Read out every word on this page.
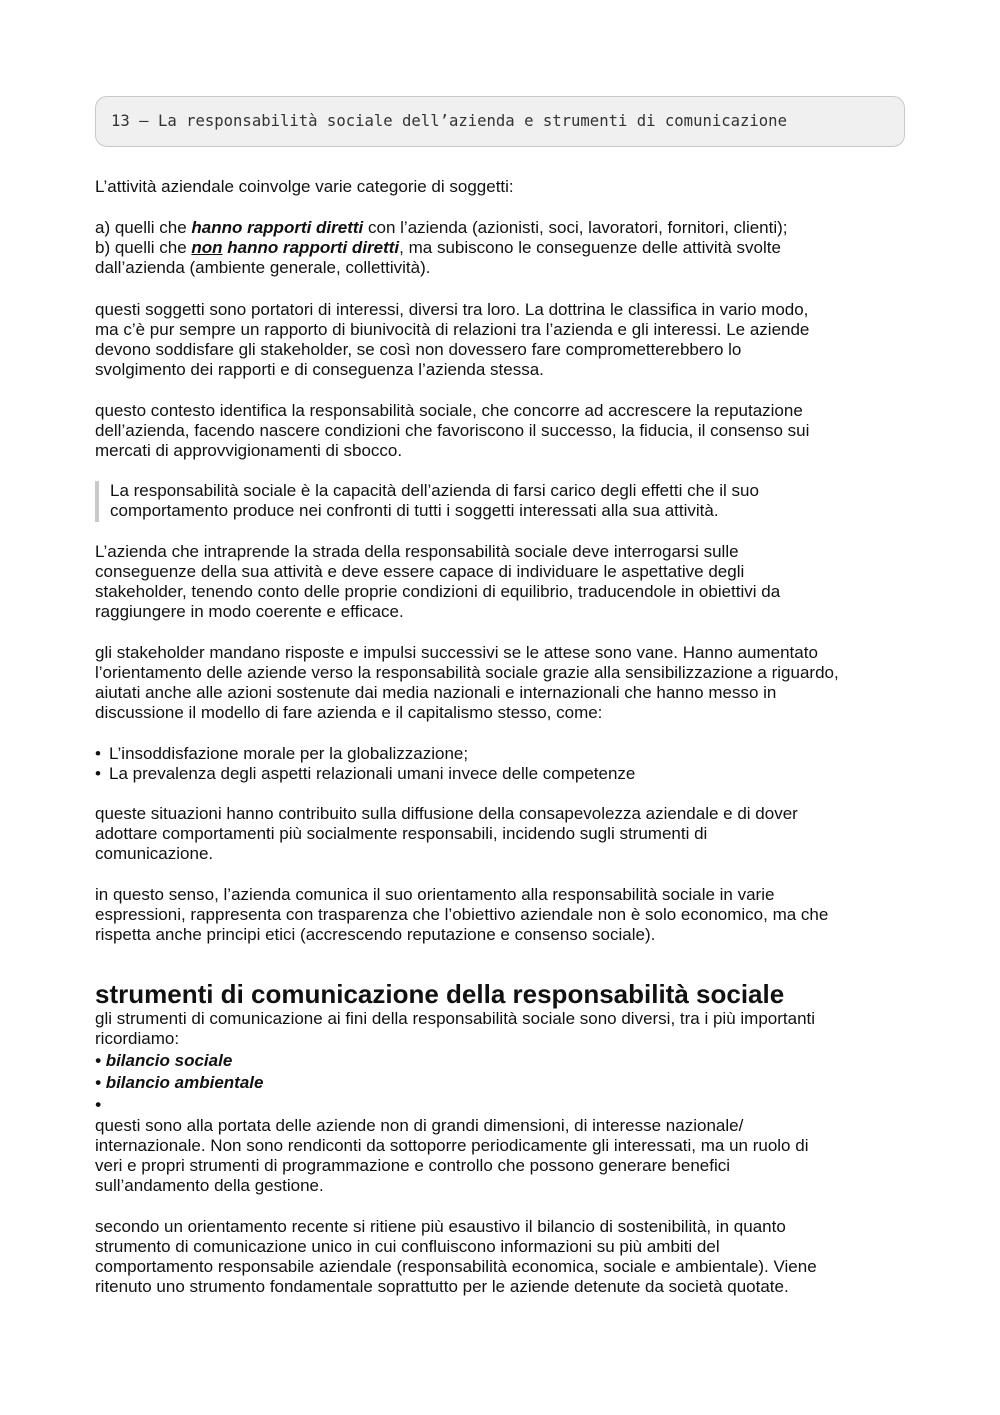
13 – La responsabilità sociale dell’azienda e strumenti di comunicazione

L’attività aziendale coinvolge varie categorie di soggetti:

a) quelli che hanno rapporti diretti con l’azienda (azionisti, soci, lavoratori, fornitori, clienti);

b) quelli che non hanno rapporti diretti, ma subiscono le conseguenze delle attività svolte

dall’azienda (ambiente generale, collettività).

questi soggetti sono portatori di interessi, diversi tra loro. La dottrina le classifica in vario modo,

ma c’è pur sempre un rapporto di biunivocità di relazioni tra l’azienda e gli interessi. Le aziende

devono soddisfare gli stakeholder, se così non dovessero fare comprometterebbero lo

svolgimento dei rapporti e di conseguenza l’azienda stessa.

questo contesto identifica la responsabilità sociale, che concorre ad accrescere la reputazione

dell’azienda, facendo nascere condizioni che favoriscono il successo, la fiducia, il consenso sui

mercati di approvvigionamenti di sbocco.

La responsabilità sociale è la capacità dell’azienda di farsi carico degli effetti che il suo

comportamento produce nei confronti di tutti i soggetti interessati alla sua attività.

L’azienda che intraprende la strada della responsabilità sociale deve interrogarsi sulle

conseguenze della sua attività e deve essere capace di individuare le aspettative degli

stakeholder, tenendo conto delle proprie condizioni di equilibrio, traducendole in obiettivi da

raggiungere in modo coerente e efficace.

gli stakeholder mandano risposte e impulsi successivi se le attese sono vane. Hanno aumentato

l’orientamento delle aziende verso la responsabilità sociale grazie alla sensibilizzazione a riguardo,

aiutati anche alle azioni sostenute dai media nazionali e internazionali che hanno messo in

discussione il modello di fare azienda e il capitalismo stesso, come:

• L’insoddisfazione morale per la globalizzazione;
• La prevalenza degli aspetti relazionali umani invece delle competenze

queste situazioni hanno contribuito sulla diffusione della consapevolezza aziendale e di dover

adottare comportamenti più socialmente responsabili, incidendo sugli strumenti di

comunicazione.

in questo senso, l’azienda comunica il suo orientamento alla responsabilità sociale in varie

espressioni, rappresenta con trasparenza che l’obiettivo aziendale non è solo economico, ma che

rispetta anche principi etici (accrescendo reputazione e consenso sociale).

strumenti di comunicazione della responsabilità sociale

gli strumenti di comunicazione ai fini della responsabilità sociale sono diversi, tra i più importanti

ricordiamo:

• bilancio sociale

• bilancio ambientale

•

questi sono alla portata delle aziende non di grandi dimensioni, di interesse nazionale/

internazionale. Non sono rendiconti da sottoporre periodicamente gli interessati, ma un ruolo di

veri e propri strumenti di programmazione e controllo che possono generare benefici

sull’andamento della gestione.

secondo un orientamento recente si ritiene più esaustivo il bilancio di sostenibilità, in quanto

strumento di comunicazione unico in cui confluiscono informazioni su più ambiti del

comportamento responsabile aziendale (responsabilità economica, sociale e ambientale). Viene

ritenuto uno strumento fondamentale soprattutto per le aziende detenute da società quotate.
